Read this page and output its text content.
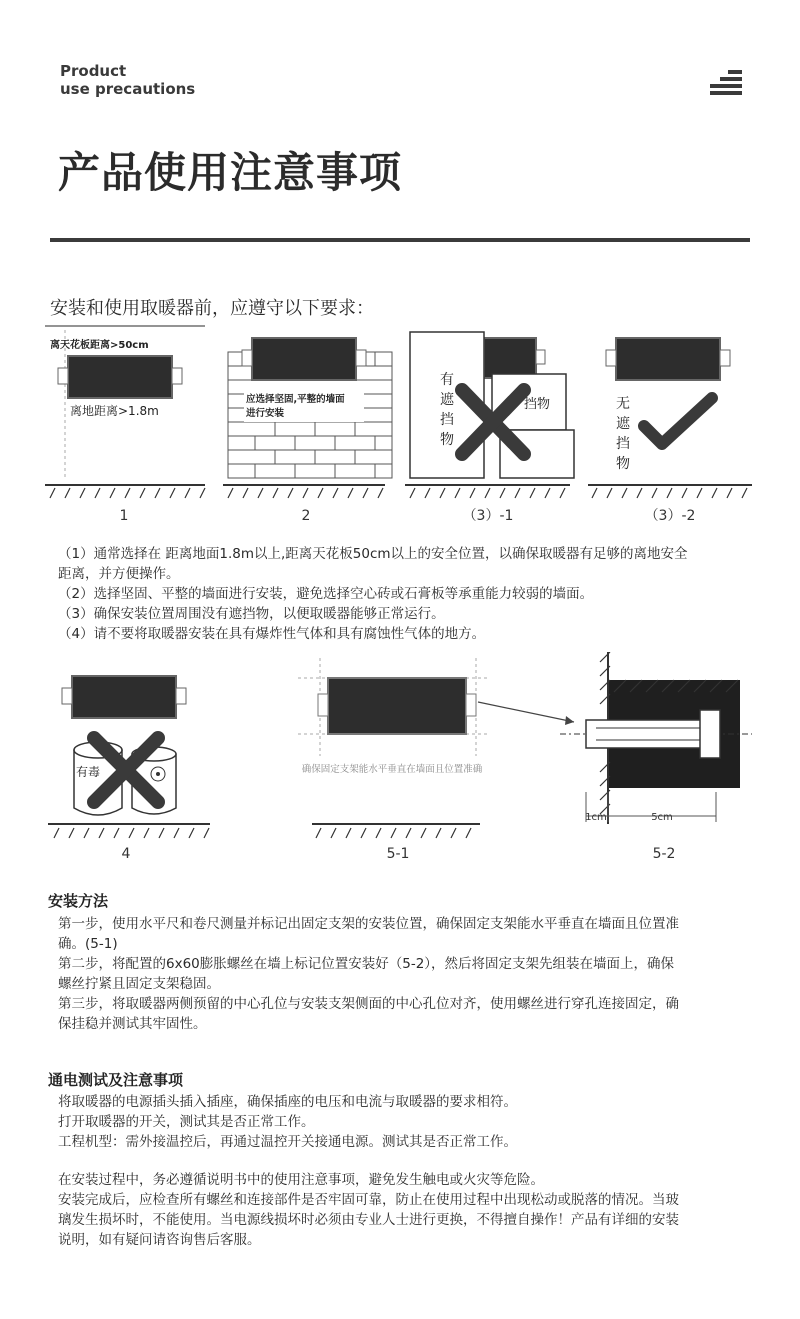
Product
use precautions
产品使用注意事项
安装和使用取暖器前，应遵守以下要求：
离天花板距离>50cm
离地距离>1.8m
应选择坚固,平整的墙面
进行安装
有
遮
挡
物
挡物	无
遮
挡
物
1	2	（3）-1	（3）-2
（1）通常选择在 距离地面1.8m以上,距离天花板50cm以上的安全位置，以确保取暖器有足够的离地安全
距离，并方便操作。
（2）选择坚固、平整的墙面进行安装，避免选择空心砖或石膏板等承重能力较弱的墙面。
（3）确保安装位置周围没有遮挡物，以便取暖器能够正常运行。
（4）请不要将取暖器安装在具有爆炸性气体和具有腐蚀性气体的地方。
有毒
4
确保固定支架能水平垂直在墙面且位置准确
5-1
1cm	5cm
5-2
安装方法
第一步，使用水平尺和卷尺测量并标记出固定支架的安装位置，确保固定支架能水平垂直在墙面且位置准
确。(5-1)
第二步，将配置的6x60膨胀螺丝在墙上标记位置安装好（5-2），然后将固定支架先组装在墙面上，确保
螺丝拧紧且固定支架稳固。
第三步，将取暖器两侧预留的中心孔位与安装支架侧面的中心孔位对齐，使用螺丝进行穿孔连接固定，确
保挂稳并测试其牢固性。
通电测试及注意事项
将取暖器的电源插头插入插座，确保插座的电压和电流与取暖器的要求相符。
打开取暖器的开关，测试其是否正常工作。
工程机型：需外接温控后，再通过温控开关接通电源。测试其是否正常工作。
在安装过程中，务必遵循说明书中的使用注意事项，避免发生触电或火灾等危险。
安装完成后，应检查所有螺丝和连接部件是否牢固可靠，防止在使用过程中出现松动或脱落的情况。当玻
璃发生损坏时，不能使用。当电源线损坏时必须由专业人士进行更换，不得擅自操作！产品有详细的安装
说明，如有疑问请咨询售后客服。
